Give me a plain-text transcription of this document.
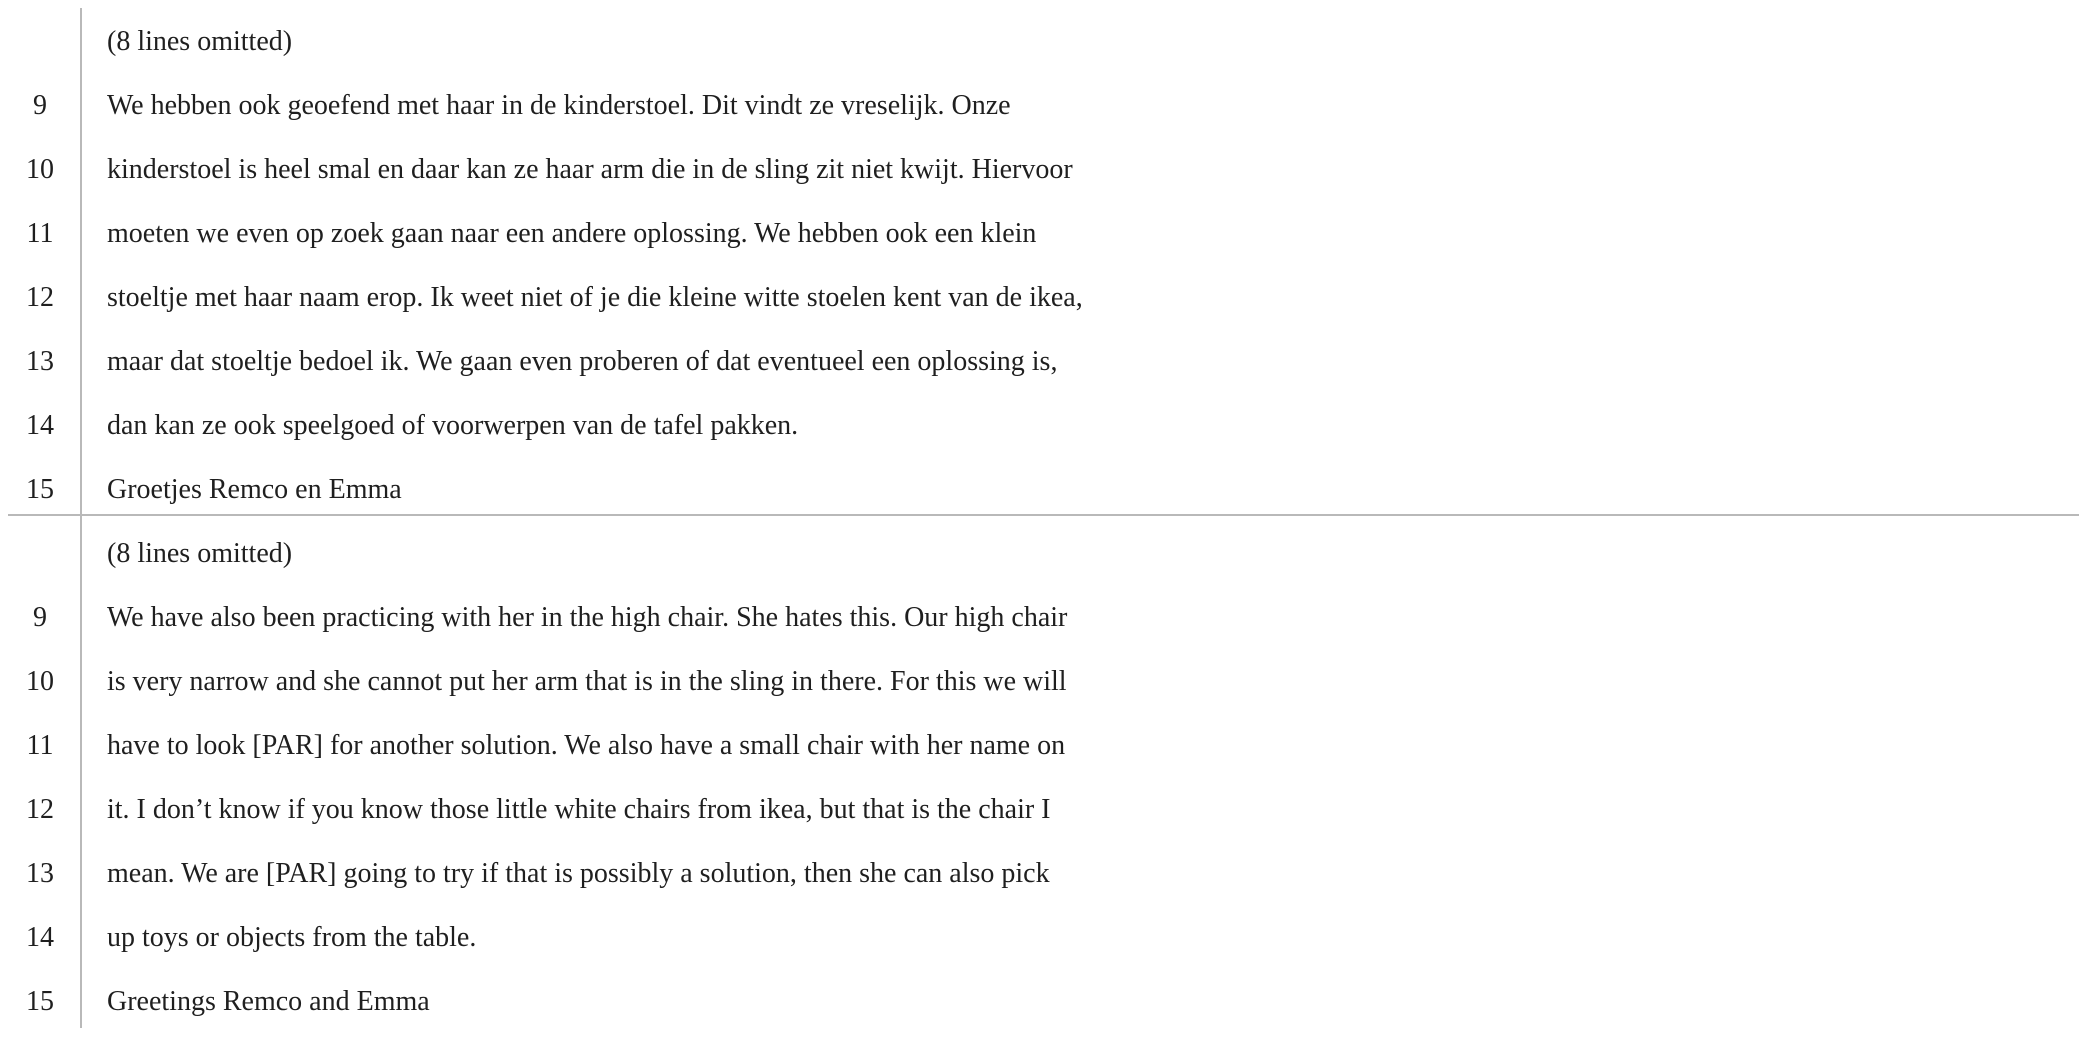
(8 lines omitted)
9	We hebben ook geoefend met haar in de kinderstoel. Dit vindt ze vreselijk. Onze
10	kinderstoel is heel smal en daar kan ze haar arm die in de sling zit niet kwijt. Hiervoor
11	moeten we even op zoek gaan naar een andere oplossing. We hebben ook een klein
12	stoeltje met haar naam erop. Ik weet niet of je die kleine witte stoelen kent van de ikea,
13	maar dat stoeltje bedoel ik. We gaan even proberen of dat eventueel een oplossing is,
14	dan kan ze ook speelgoed of voorwerpen van de tafel pakken.
15	Groetjes Remco en Emma
(8 lines omitted)
9	We have also been practicing with her in the high chair. She hates this. Our high chair
10	is very narrow and she cannot put her arm that is in the sling in there. For this we will
11	have to look [PAR] for another solution. We also have a small chair with her name on
12	it. I don’t know if you know those little white chairs from ikea, but that is the chair I
13	mean. We are [PAR] going to try if that is possibly a solution, then she can also pick
14	up toys or objects from the table.
15	Greetings Remco and Emma
